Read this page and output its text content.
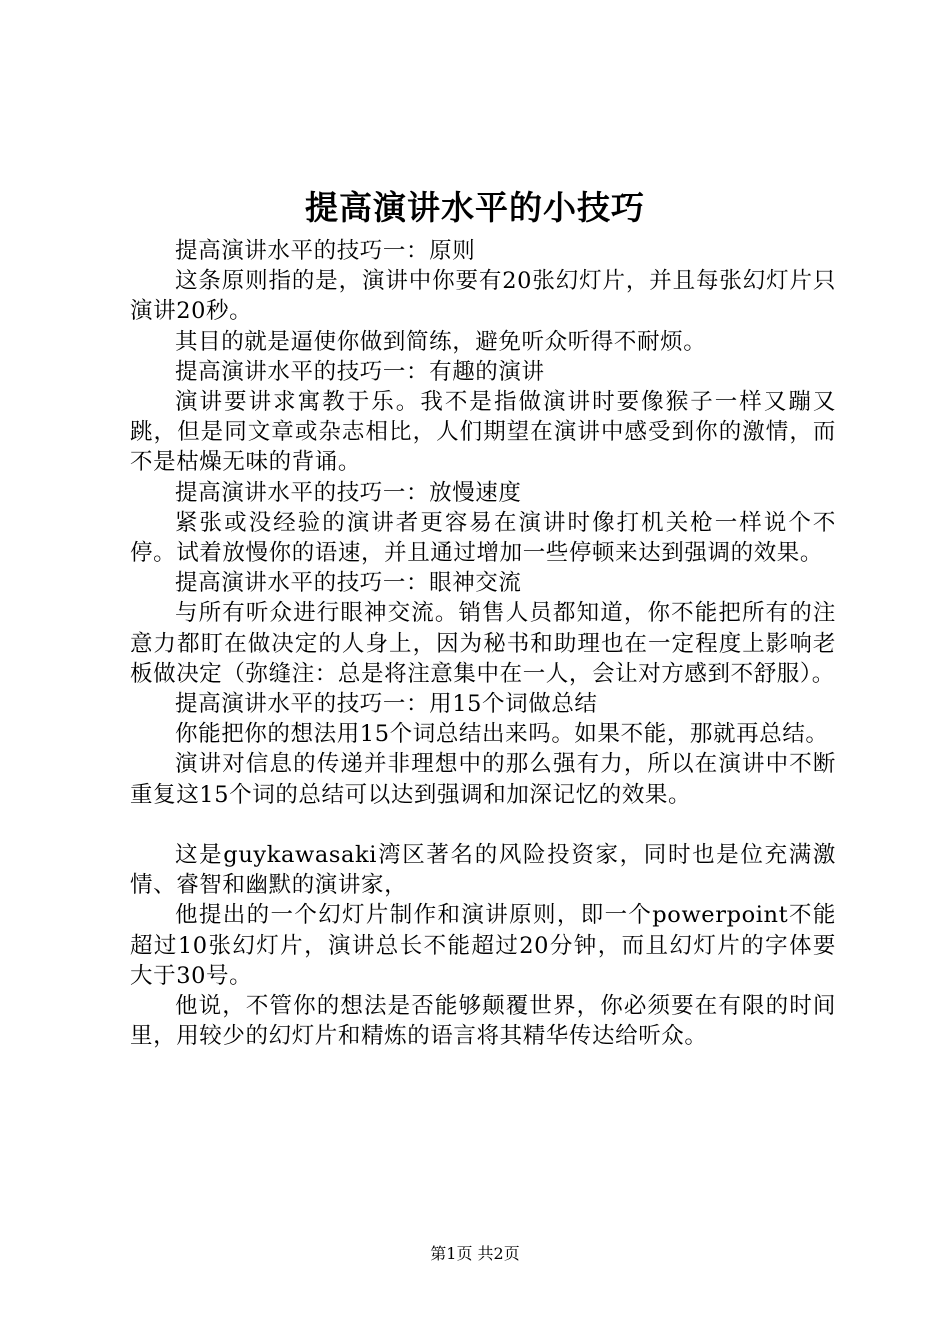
提高演讲水平的小技巧

提高演讲水平的技巧一：原则

这条原则指的是，演讲中你要有20张幻灯片，并且每张幻灯片只演讲20秒。

其目的就是逼使你做到简练，避免听众听得不耐烦。

提高演讲水平的技巧一：有趣的演讲

演讲要讲求寓教于乐。我不是指做演讲时要像猴子一样又蹦又跳，但是同文章或杂志相比，人们期望在演讲中感受到你的激情，而不是枯燥无味的背诵。

提高演讲水平的技巧一：放慢速度

紧张或没经验的演讲者更容易在演讲时像打机关枪一样说个不停。试着放慢你的语速，并且通过增加一些停顿来达到强调的效果。

提高演讲水平的技巧一：眼神交流

与所有听众进行眼神交流。销售人员都知道，你不能把所有的注意力都盯在做决定的人身上，因为秘书和助理也在一定程度上影响老板做决定（弥缝注：总是将注意集中在一人，会让对方感到不舒服）。

提高演讲水平的技巧一：用15个词做总结

你能把你的想法用15个词总结出来吗。如果不能，那就再总结。

演讲对信息的传递并非理想中的那么强有力，所以在演讲中不断重复这15个词的总结可以达到强调和加深记忆的效果。

这是guykawasaki湾区著名的风险投资家，同时也是位充满激情、睿智和幽默的演讲家，

他提出的一个幻灯片制作和演讲原则，即一个powerpoint不能超过10张幻灯片，演讲总长不能超过20分钟，而且幻灯片的字体要大于30号。

他说，不管你的想法是否能够颠覆世界，你必须要在有限的时间里，用较少的幻灯片和精炼的语言将其精华传达给听众。

第1页 共2页
